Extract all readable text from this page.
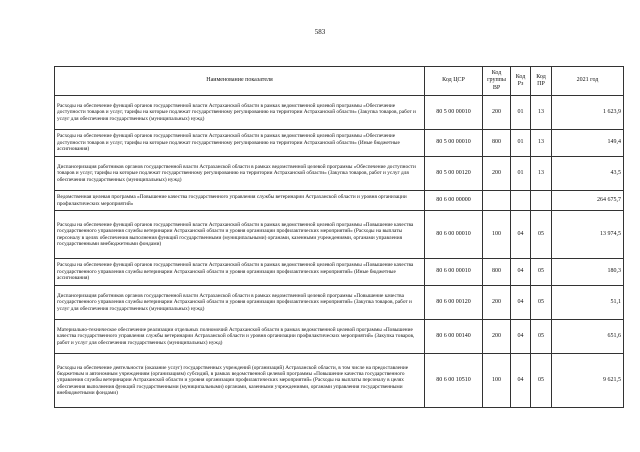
583
Наименование показателя	Код ЦСР	Код группы ВР	Код Рз	Код ПР	2021 год
Расходы на обеспечение функций органов государственной власти Астраханской области в рамках ведомственной целевой программы «Обеспечение доступности товаров и услуг, тарифы на которые подлежат государственному регулированию на территории Астраханской области» (Закупка товаров, работ и услуг для обеспечения государственных (муниципальных) нужд)	80 5 00 00010	200	01	13	1 623,9
Расходы на обеспечение функций органов государственной власти Астраханской области в рамках ведомственной целевой программы «Обеспечение доступности товаров и услуг, тарифы на которые подлежат государственному регулированию на территории Астраханской области» (Иные бюджетные ассигнования)	80 5 00 00010	800	01	13	149,4
Диспансеризация работников органов государственной власти Астраханской области в рамках ведомственной целевой программы «Обеспечение доступности товаров и услуг, тарифы на которые подлежат государственному регулированию на территории Астраханской области» (Закупка товаров, работ и услуг для обеспечения государственных (муниципальных) нужд)	80 5 00 00120	200	01	13	43,5
Ведомственная целевая программа «Повышение качества государственного управления службы ветеринарии Астраханской области и уровня организации профилактических мероприятий»	80 6 00 00000				264 675,7
Расходы на обеспечение функций органов государственной власти Астраханской области в рамках ведомственной целевой программы «Повышение качества государственного управления службы ветеринарии Астраханской области и уровня организации профилактических мероприятий» (Расходы на выплаты персоналу в целях обеспечения выполнения функций государственными (муниципальными) органами, казенными учреждениями, органами управления государственными внебюджетными фондами)	80 6 00 00010	100	04	05	13 974,5
Расходы на обеспечение функций органов государственной власти Астраханской области в рамках ведомственной целевой программы «Повышение качества государственного управления службы ветеринарии Астраханской области и уровня организации профилактических мероприятий» (Иные бюджетные ассигнования)	80 6 00 00010	800	04	05	180,3
Диспансеризация работников органов государственной власти Астраханской области в рамках ведомственной целевой программы «Повышение качества государственного управления службы ветеринарии Астраханской области и уровня организации профилактических мероприятий» (Закупка товаров, работ и услуг для обеспечения государственных (муниципальных) нужд)	80 6 00 00120	200	04	05	51,1
Материально-техническое обеспечение реализации отдельных полномочий Астраханской области в рамках ведомственной целевой программы «Повышение качества государственного управления службы ветеринарии Астраханской области и уровня организации профилактических мероприятий» (Закупка товаров, работ и услуг для обеспечения государственных (муниципальных) нужд)	80 6 00 00140	200	04	05	651,6
Расходы на обеспечение деятельности (оказание услуг) государственных учреждений (организаций) Астраханской области, в том числе на предоставление бюджетным и автономным учреждениям (организациям) субсидий, в рамках ведомственной целевой программы «Повышение качества государственного управления службы ветеринарии Астраханской области и уровня организации профилактических мероприятий» (Расходы на выплаты персоналу в целях обеспечения выполнения функций государственными (муниципальными) органами, казенными учреждениями, органами управления государственными внебюджетными фондами)	80 6 00 10510	100	04	05	9 621,5
